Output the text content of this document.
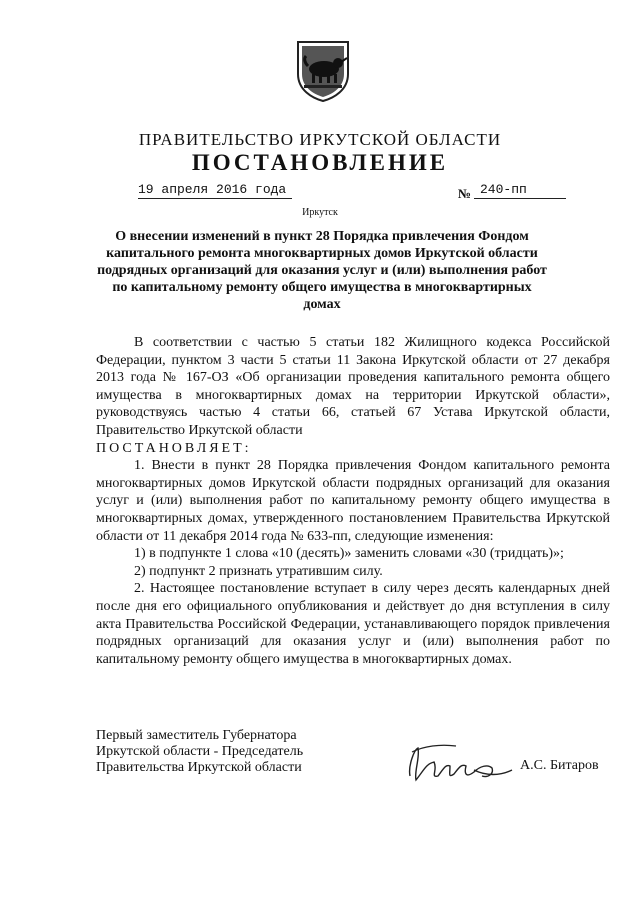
ПРАВИТЕЛЬСТВО ИРКУТСКОЙ ОБЛАСТИ
ПОСТАНОВЛЕНИЕ
19 апреля 2016 года	№ 240-пп
Иркутск
О внесении изменений в пункт 28 Порядка привлечения Фондом капитального ремонта многоквартирных домов Иркутской области подрядных организаций для оказания услуг и (или) выполнения работ по капитальному ремонту общего имущества в многоквартирных домах

В соответствии с частью 5 статьи 182 Жилищного кодекса Российской Федерации, пунктом 3 части 5 статьи 11 Закона Иркутской области от 27 декабря 2013 года № 167-ОЗ «Об организации проведения капитального ремонта общего имущества в многоквартирных домах на территории Иркутской области», руководствуясь частью 4 статьи 66, статьей 67 Устава Иркутской области, Правительство Иркутской области

ПОСТАНОВЛЯЕТ:

1. Внести в пункт 28 Порядка привлечения Фондом капитального ремонта многоквартирных домов Иркутской области подрядных организаций для оказания услуг и (или) выполнения работ по капитальному ремонту общего имущества в многоквартирных домах, утвержденного постановлением Правительства Иркутской области от 11 декабря 2014 года № 633-пп, следующие изменения:

1) в подпункте 1 слова «10 (десять)» заменить словами «30 (тридцать)»;

2) подпункт 2 признать утратившим силу.

2. Настоящее постановление вступает в силу через десять календарных дней после дня его официального опубликования и действует до дня вступления в силу акта Правительства Российской Федерации, устанавливающего порядок привлечения подрядных организаций для оказания услуг и (или) выполнения работ по капитальному ремонту общего имущества в многоквартирных домах.

Первый заместитель Губернатора
Иркутской области - Председатель
Правительства Иркутской области	А.С. Битаров
